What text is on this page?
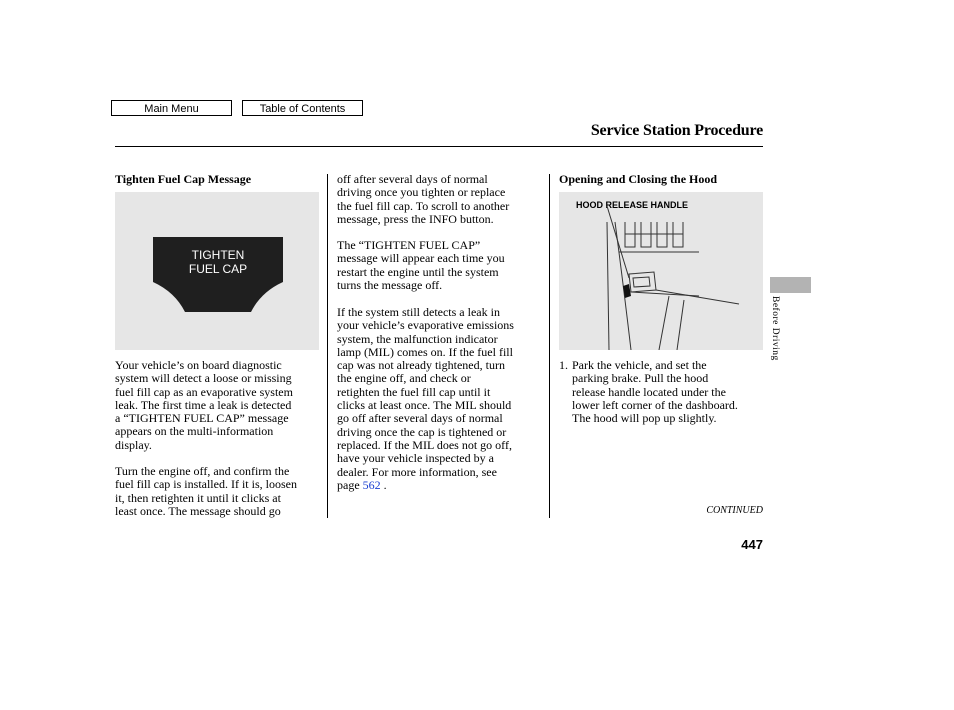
Main Menu	Table of Contents
Service Station Procedure
Tighten Fuel Cap Message
TIGHTEN
FUEL CAP
Your vehicle’s on board diagnostic
system will detect a loose or missing
fuel fill cap as an evaporative system
leak. The first time a leak is detected
a “TIGHTEN FUEL CAP” message
appears on the multi-information
display.
Turn the engine off, and confirm the
fuel fill cap is installed. If it is, loosen
it, then retighten it until it clicks at
least once. The message should go
off after several days of normal
driving once you tighten or replace
the fuel fill cap. To scroll to another
message, press the INFO button.
The “TIGHTEN FUEL CAP”
message will appear each time you
restart the engine until the system
turns the message off.
If the system still detects a leak in
your vehicle’s evaporative emissions
system, the malfunction indicator
lamp (MIL) comes on. If the fuel fill
cap was not already tightened, turn
the engine off, and check or
retighten the fuel fill cap until it
clicks at least once. The MIL should
go off after several days of normal
driving once the cap is tightened or
replaced. If the MIL does not go off,
have your vehicle inspected by a
dealer. For more information, see
page 562 .
Opening and Closing the Hood
HOOD RELEASE HANDLE
1. Park the vehicle, and set the
parking brake. Pull the hood
release handle located under the
lower left corner of the dashboard.
The hood will pop up slightly.
Before Driving
CONTINUED
447
